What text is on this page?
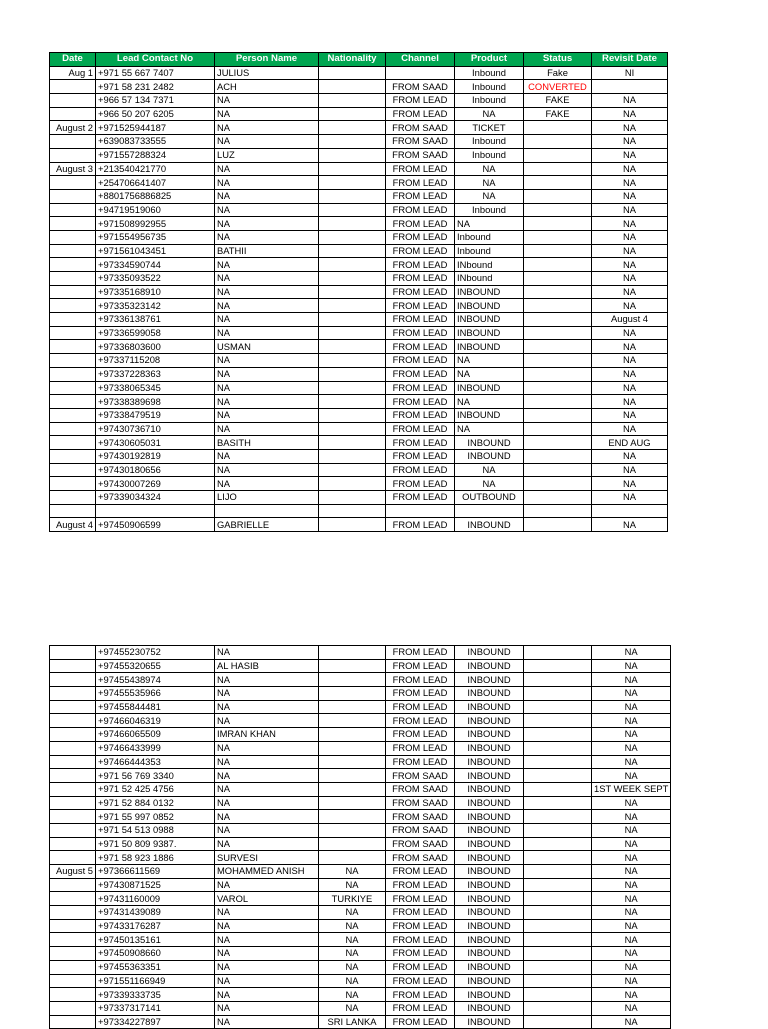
Date	Lead Contact No	Person Name	Nationality	Channel	Product	Status	Revisit Date
Aug 1	+971 55 667 7407	JULIUS			Inbound	Fake	NI
	+971 58 231 2482	ACH		FROM SAAD	Inbound	CONVERTED	
	+966 57 134 7371	NA		FROM LEAD	Inbound	FAKE	NA
	+966 50 207 6205	NA		FROM LEAD	NA	FAKE	NA
August 2	+971525944187	NA		FROM SAAD	TICKET		NA
	+639083733555	NA		FROM SAAD	Inbound		NA
	+971557288324	LUZ		FROM SAAD	Inbound		NA
August 3	+213540421770	NA		FROM LEAD	NA		NA
	+254706641407	NA		FROM LEAD	NA		NA
	+8801756886825	NA		FROM LEAD	NA		NA
	+94719519060	NA		FROM LEAD	Inbound		NA
	+971508992955	NA		FROM LEAD	NA		NA
	+971554956735	NA		FROM LEAD	Inbound		NA
	+971561043451	BATHII		FROM LEAD	Inbound		NA
	+97334590744	NA		FROM LEAD	INbound		NA
	+97335093522	NA		FROM LEAD	INbound		NA
	+97335168910	NA		FROM LEAD	INBOUND		NA
	+97335323142	NA		FROM LEAD	INBOUND		NA
	+97336138761	NA		FROM LEAD	INBOUND		August 4
	+97336599058	NA		FROM LEAD	INBOUND		NA
	+97336803600	USMAN		FROM LEAD	INBOUND		NA
	+97337115208	NA		FROM LEAD	NA		NA
	+97337228363	NA		FROM LEAD	NA		NA
	+97338065345	NA		FROM LEAD	INBOUND		NA
	+97338389698	NA		FROM LEAD	NA		NA
	+97338479519	NA		FROM LEAD	INBOUND		NA
	+97430736710	NA		FROM LEAD	NA		NA
	+97430605031	BASITH		FROM LEAD	INBOUND		END AUG
	+97430192819	NA		FROM LEAD	INBOUND		NA
	+97430180656	NA		FROM LEAD	NA		NA
	+97430007269	NA		FROM LEAD	NA		NA
	+97339034324	LIJO		FROM LEAD	OUTBOUND		NA

August 4	+97450906599	GABRIELLE		FROM LEAD	INBOUND		NA
	+97455230752	NA		FROM LEAD	INBOUND		NA
	+97455320655	AL HASIB		FROM LEAD	INBOUND		NA
	+97455438974	NA		FROM LEAD	INBOUND		NA
	+97455535966	NA		FROM LEAD	INBOUND		NA
	+97455844481	NA		FROM LEAD	INBOUND		NA
	+97466046319	NA		FROM LEAD	INBOUND		NA
	+97466065509	IMRAN KHAN		FROM LEAD	INBOUND		NA
	+97466433999	NA		FROM LEAD	INBOUND		NA
	+97466444353	NA		FROM LEAD	INBOUND		NA
	+971 56 769 3340	NA		FROM SAAD	INBOUND		NA
	+971 52 425 4756	NA		FROM SAAD	INBOUND		1ST WEEK SEPT
	+971 52 884 0132	NA		FROM SAAD	INBOUND		NA
	+971 55 997 0852	NA		FROM SAAD	INBOUND		NA
	+971 54 513 0988	NA		FROM SAAD	INBOUND		NA
	+971 50 809 9387.	NA		FROM SAAD	INBOUND		NA
	+971 58 923 1886	SURVESI		FROM SAAD	INBOUND		NA
August 5	+97366611569	MOHAMMED ANISH	NA	FROM LEAD	INBOUND		NA
	+97430871525	NA	NA	FROM LEAD	INBOUND		NA
	+97431160009	VAROL	TURKIYE	FROM LEAD	INBOUND		NA
	+97431439089	NA	NA	FROM LEAD	INBOUND		NA
	+97433176287	NA	NA	FROM LEAD	INBOUND		NA
	+97450135161	NA	NA	FROM LEAD	INBOUND		NA
	+97450908660	NA	NA	FROM LEAD	INBOUND		NA
	+97455363351	NA	NA	FROM LEAD	INBOUND		NA
	+971551166949	NA	NA	FROM LEAD	INBOUND		NA
	+97339333735	NA	NA	FROM LEAD	INBOUND		NA
	+97337317141	NA	NA	FROM LEAD	INBOUND		NA
	+97334227897	NA	SRI LANKA	FROM LEAD	INBOUND		NA
